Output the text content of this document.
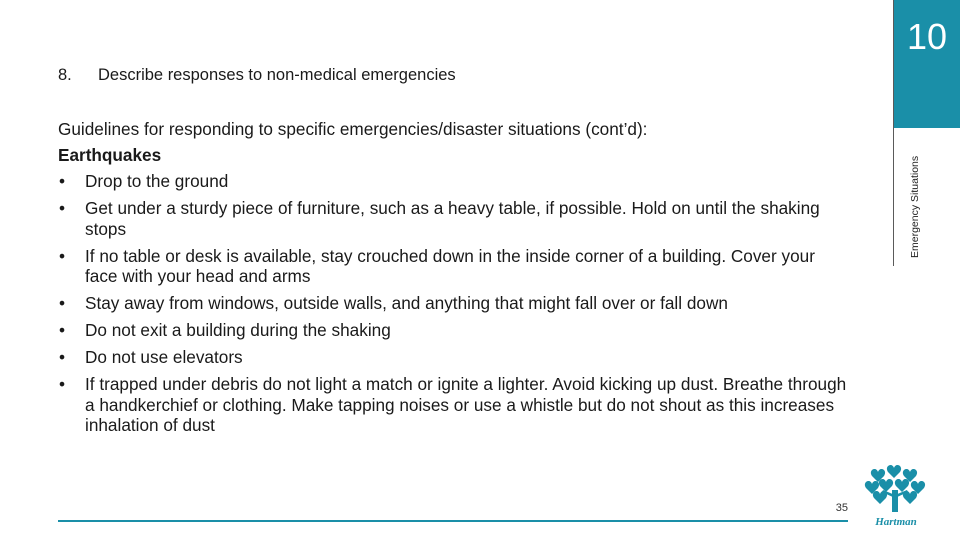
10
Emergency Situations
8. Describe responses to non-medical emergencies
Guidelines for responding to specific emergencies/disaster situations (cont’d):
Earthquakes
• Drop to the ground
• Get under a sturdy piece of furniture, such as a heavy table, if possible. Hold on until the shaking stops
• If no table or desk is available, stay crouched down in the inside corner of a building. Cover your face with your head and arms
• Stay away from windows, outside walls, and anything that might fall over or fall down
• Do not exit a building during the shaking
• Do not use elevators
• If trapped under debris do not light a match or ignite a lighter. Avoid kicking up dust. Breathe through a handkerchief or clothing. Make tapping noises or use a whistle but do not shout as this increases inhalation of dust
35
Hartman
